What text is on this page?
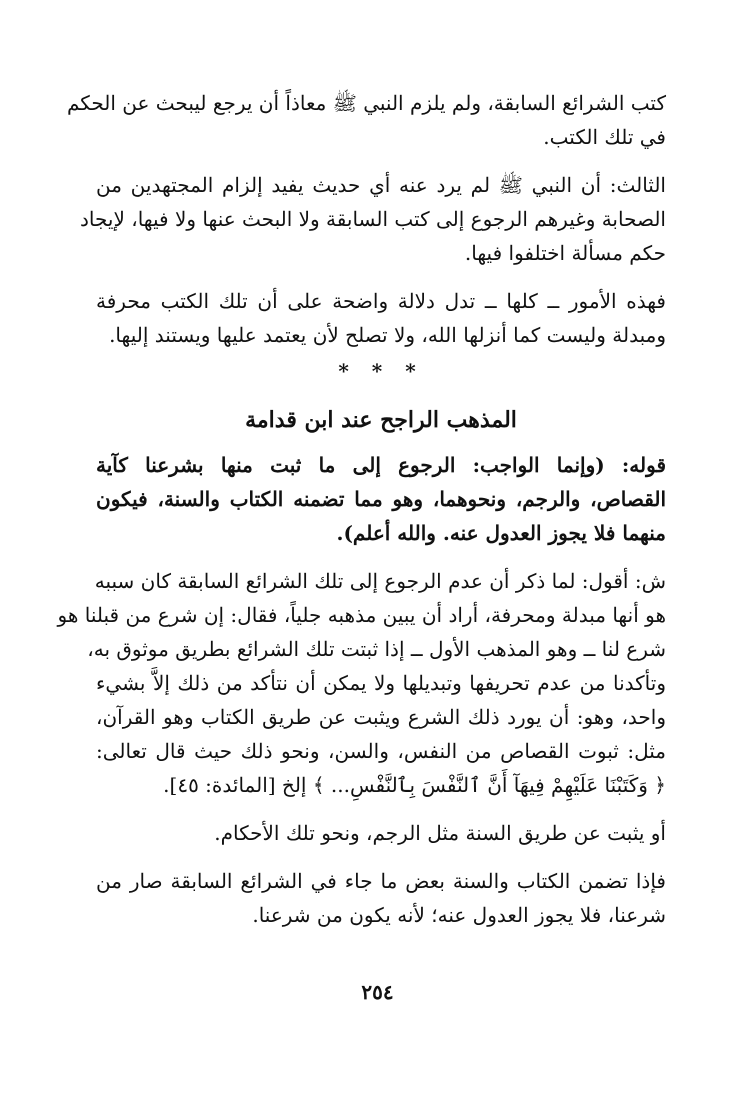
كتب الشرائع السابقة، ولم يلزم النبي ﷺ معاذاً أن يرجع ليبحث عن الحكم
في تلك الكتب.
الثالث: أن النبي ﷺ لم يرد عنه أي حديث يفيد إلزام المجتهدين من
الصحابة وغيرهم الرجوع إلى كتب السابقة ولا البحث عنها ولا فيها، لإيجاد
حكم مسألة اختلفوا فيها.
فهذه الأمور ــ كلها ــ تدل دلالة واضحة على أن تلك الكتب محرفة
ومبدلة وليست كما أنزلها الله، ولا تصلح لأن يعتمد عليها ويستند إليها.
* * *
المذهب الراجح عند ابن قدامة
قوله: (وإنما الواجب: الرجوع إلى ما ثبت منها بشرعنا كآية
القصاص، والرجم، ونحوهما، وهو مما تضمنه الكتاب والسنة، فيكون
منهما فلا يجوز العدول عنه. والله أعلم).
ش: أقول: لما ذكر أن عدم الرجوع إلى تلك الشرائع السابقة كان سببه
هو أنها مبدلة ومحرفة، أراد أن يبين مذهبه جلياً، فقال: إن شرع من قبلنا هو
شرع لنا ــ وهو المذهب الأول ــ إذا ثبتت تلك الشرائع بطريق موثوق به،
وتأكدنا من عدم تحريفها وتبديلها ولا يمكن أن نتأكد من ذلك إلاَّ بشيء
واحد، وهو: أن يورد ذلك الشرع ويثبت عن طريق الكتاب وهو القرآن،
مثل: ثبوت القصاص من النفس، والسن، ونحو ذلك حيث قال تعالى:
﴿ وَكَتَبْنَا عَلَيْهِمْ فِيهَآ أَنَّ ٱلنَّفْسَ بِٱلنَّفْسِ... ﴾ إلخ [المائدة: ٤٥].
أو يثبت عن طريق السنة مثل الرجم، ونحو تلك الأحكام.
فإذا تضمن الكتاب والسنة بعض ما جاء في الشرائع السابقة صار من
شرعنا، فلا يجوز العدول عنه؛ لأنه يكون من شرعنا.
٢٥٤
